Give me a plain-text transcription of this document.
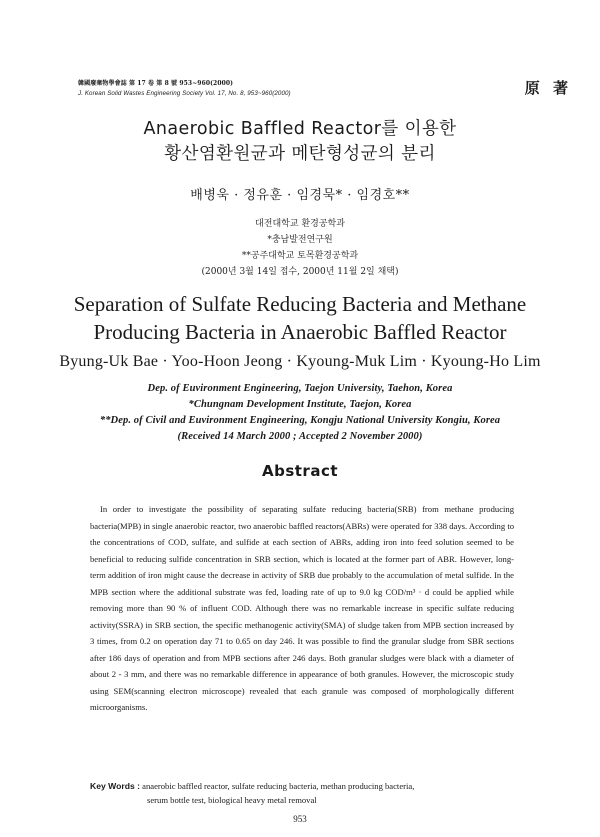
韓國廢棄物學會誌 第 17 卷 第 8 號 953~960(2000)
J. Korean Solid Wastes Engineering Society Vol. 17, No. 8, 953~960(2000)	原 著
Anaerobic Baffled Reactor를 이용한
황산염환원균과 메탄형성균의 분리
배병욱 · 정유훈 · 임경묵* · 임경호**
대전대학교 환경공학과
*충남발전연구원
**공주대학교 토목환경공학과
(2000년 3월 14일 접수, 2000년 11월 2일 채택)
Separation of Sulfate Reducing Bacteria and Methane
Producing Bacteria in Anaerobic Baffled Reactor
Byung-Uk Bae · Yoo-Hoon Jeong · Kyoung-Muk Lim · Kyoung-Ho Lim
Dep. of Euvironment Engineering, Taejon University, Taehon, Korea
*Chungnam Development Institute, Taejon, Korea
**Dep. of Civil and Euvironment Engineering, Kongju National University Kongiu, Korea
(Received 14 March 2000 ; Accepted 2 November 2000)
Abstract
In order to investigate the possibility of separating sulfate reducing bacteria(SRB) from methane producing bacteria(MPB) in single anaerobic reactor, two anaerobic baffled reactors(ABRs) were operated for 338 days. According to the concentrations of COD, sulfate, and sulfide at each section of ABRs, adding iron into feed solution seemed to be beneficial to reducing sulfide concentration in SRB section, which is located at the former part of ABR. However, long-term addition of iron might cause the decrease in activity of SRB due probably to the accumulation of metal sulfide. In the MPB section where the additional substrate was fed, loading rate of up to 9.0 kg COD/m³ · d could be applied while removing more than 90 % of influent COD. Although there was no remarkable increase in specific sulfate reducing activity(SSRA) in SRB section, the specific methanogenic activity(SMA) of sludge taken from MPB section increased by 3 times, from 0.2 on operation day 71 to 0.65 on day 246. It was possible to find the granular sludge from SBR sections after 186 days of operation and from MPB sections after 246 days. Both granular sludges were black with a diameter of about 2 - 3 mm, and there was no remarkable difference in appearance of both granules. However, the microscopic study using SEM(scanning electron microscope) revealed that each granule was composed of morphologically different microorganisms.
Key Words : anaerobic baffled reactor, sulfate reducing bacteria, methan producing bacteria,
serum bottle test, biological heavy metal removal
953
